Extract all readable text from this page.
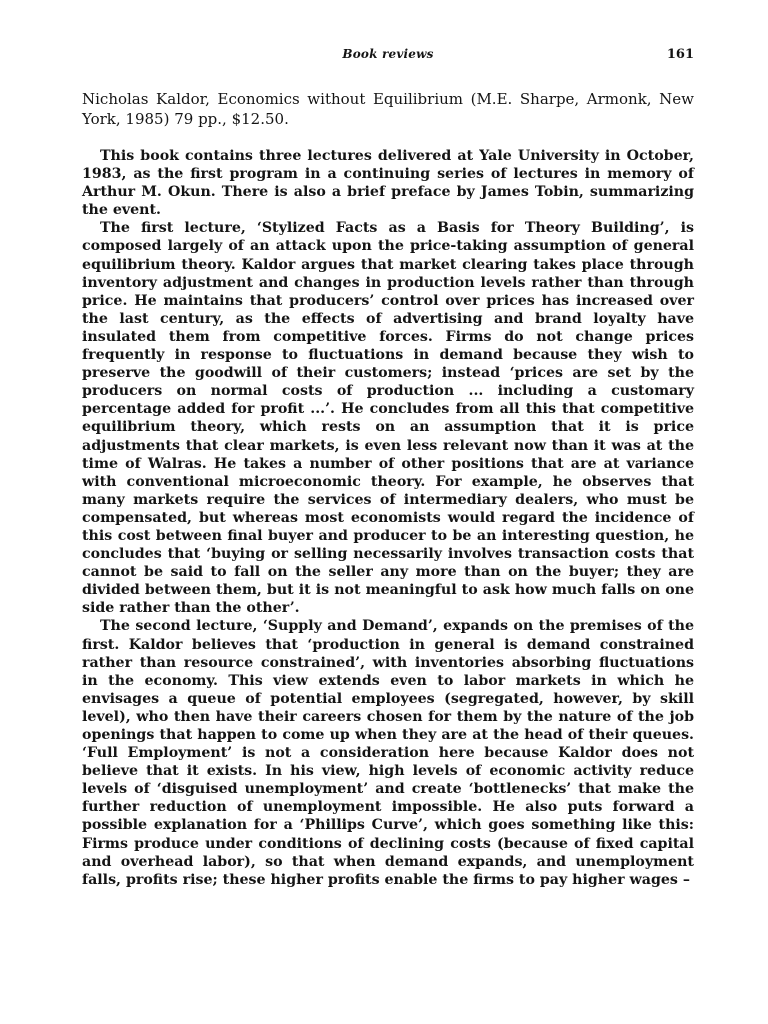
Book reviews	161
Nicholas Kaldor, Economics without Equilibrium (M.E. Sharpe, Armonk, New York, 1985) 79 pp., $12.50.

This book contains three lectures delivered at Yale University in October, 1983, as the first program in a continuing series of lectures in memory of Arthur M. Okun. There is also a brief preface by James Tobin, summarizing the event.

The first lecture, ‘Stylized Facts as a Basis for Theory Building’, is composed largely of an attack upon the price-taking assumption of general equilibrium theory. Kaldor argues that market clearing takes place through inventory adjustment and changes in production levels rather than through price. He maintains that producers’ control over prices has increased over the last century, as the effects of advertising and brand loyalty have insulated them from competitive forces. Firms do not change prices frequently in response to fluctuations in demand because they wish to preserve the goodwill of their customers; instead ‘prices are set by the producers on normal costs of production ... including a customary percentage added for profit ...’. He concludes from all this that competitive equilibrium theory, which rests on an assumption that it is price adjustments that clear markets, is even less relevant now than it was at the time of Walras. He takes a number of other positions that are at variance with conventional microeconomic theory. For example, he observes that many markets require the services of intermediary dealers, who must be compensated, but whereas most economists would regard the incidence of this cost between final buyer and producer to be an interesting question, he concludes that ‘buying or selling necessarily involves transaction costs that cannot be said to fall on the seller any more than on the buyer; they are divided between them, but it is not meaningful to ask how much falls on one side rather than the other’.

The second lecture, ‘Supply and Demand’, expands on the premises of the first. Kaldor believes that ‘production in general is demand constrained rather than resource constrained’, with inventories absorbing fluctuations in the economy. This view extends even to labor markets in which he envisages a queue of potential employees (segregated, however, by skill level), who then have their careers chosen for them by the nature of the job openings that happen to come up when they are at the head of their queues. ‘Full Employment’ is not a consideration here because Kaldor does not believe that it exists. In his view, high levels of economic activity reduce levels of ‘disguised unemployment’ and create ‘bottlenecks’ that make the further reduction of unemployment impossible. He also puts forward a possible explanation for a ‘Phillips Curve’, which goes something like this: Firms produce under conditions of declining costs (because of fixed capital and overhead labor), so that when demand expands, and unemployment falls, profits rise; these higher profits enable the firms to pay higher wages –
